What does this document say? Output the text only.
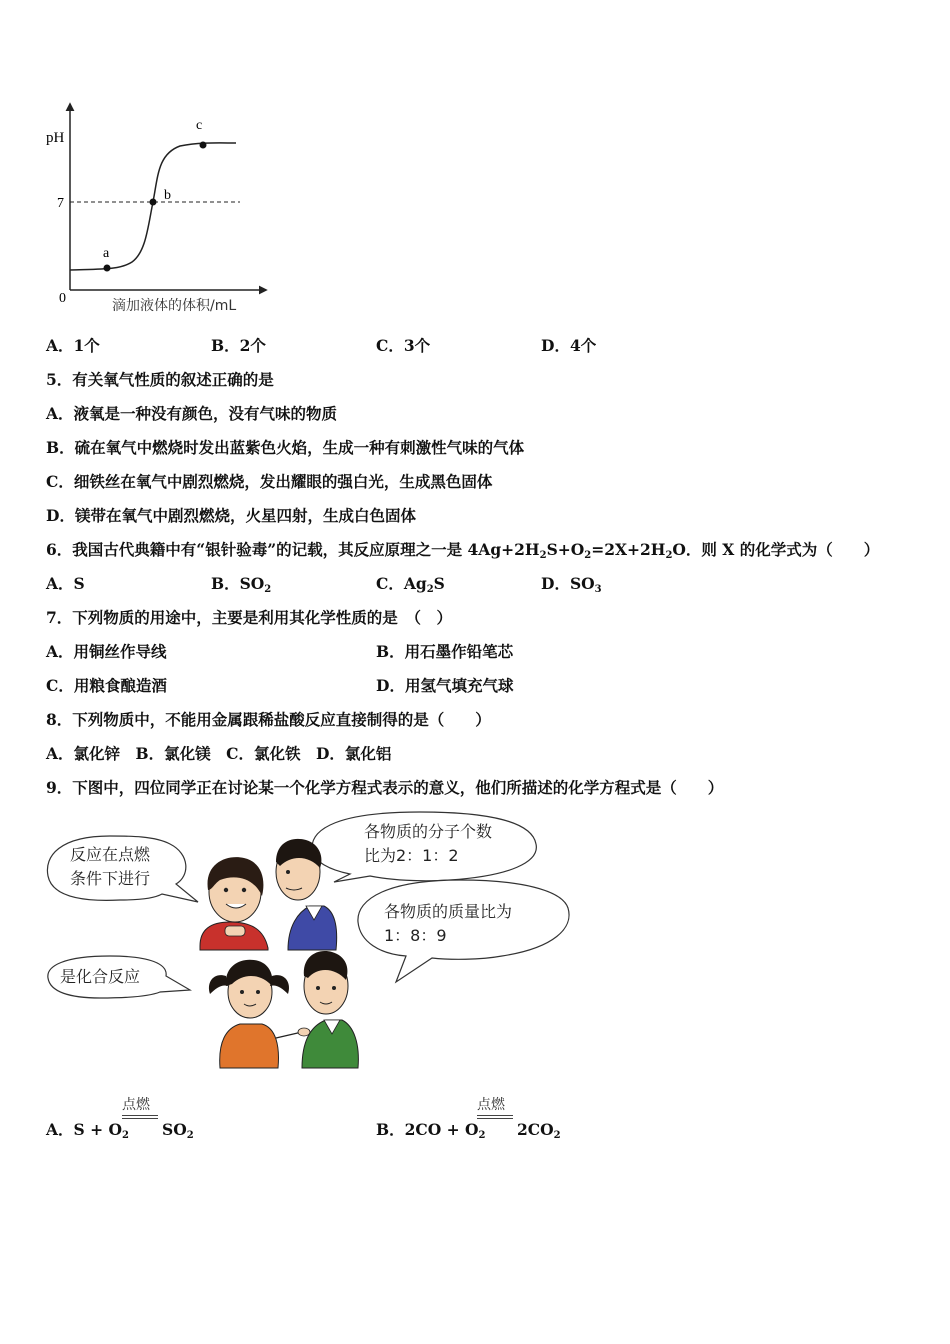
pH
7
0
a
b
c
滴加液体的体积/mL
A．1个	B．2个	C．3个	D．4个
5．有关氧气性质的叙述正确的是
A．液氧是一种没有颜色，没有气味的物质
B．硫在氧气中燃烧时发出蓝紫色火焰，生成一种有刺激性气味的气体
C．细铁丝在氧气中剧烈燃烧，发出耀眼的强白光，生成黑色固体
D．镁带在氧气中剧烈燃烧，火星四射，生成白色固体
6．我国古代典籍中有“银针验毒”的记载，其反应原理之一是 $4Ag+2H_2S+O_2=2X+2H_2O$．则 X 的化学式为（　　）
A．S	B．$SO_2$	C．$Ag_2S$	D．$SO_3$
7．下列物质的用途中，主要是利用其化学性质的是　（　）
A．用铜丝作导线	B．用石墨作铅笔芯
C．用粮食酿造酒	D．用氢气填充气球
8．下列物质中，不能用金属跟稀盐酸反应直接制得的是（　　）
A．氯化锌　B．氯化镁　C．氯化铁　D．氯化铝
9．下图中，四位同学正在讨论某一个化学方程式表示的意义，他们所描述的化学方程式是（　　）
反应在点燃
条件下进行
各物质的分子个数
比为2：1：2
各物质的质量比为
1：8：9
是化合反应
点燃
A．$S + O_2$ $SO_2$
点燃
B．$2CO + O_2$ $2CO_2$
